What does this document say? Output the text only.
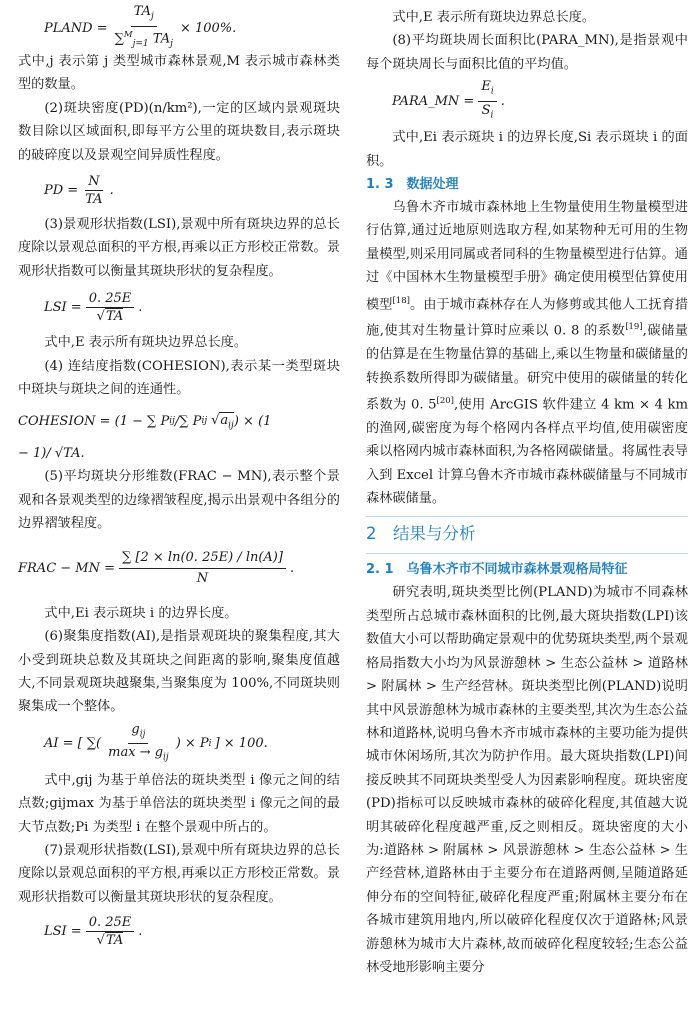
PLAND = $\frac{TA_j}{\sum^M_{j=1} TA_j} \times 100\%$.

式中,j 表示第 j 类型城市森林景观,M 表示城市森林类型的数量。

(2)斑块密度(PD)(n/km²),一定的区域内景观斑块数目除以区域面积,即每平方公里的斑块数目,表示斑块的破碎度以及景观空间异质性程度。

PD = $\frac{N}{TA}$ .

(3)景观形状指数(LSI),景观中所有斑块边界的总长度除以景观总面积的平方根,再乘以正方形校正常数。景观形状指数可以衡量其斑块形状的复杂程度。

LSI = $\frac{0. 25E}{√TA}$ .

式中,E 表示所有斑块边界总长度。

(4) 连结度指数(COHESION),表示某一类型斑块中斑块与斑块之间的连通性。

COHESION = (1 − ∑ P ij / ∑ P ij $√a_{ij}$ ) × (1
− 1)/ √TA.

(5)平均斑块分形维数(FRAC − MN),表示整个景观和各景观类型的边缘褶皱程度,揭示出景观中各组分的边界褶皱程度。

FRAC − MN = $\frac{\sum [2 \times \ln(0. 25E) / \ln(A)]}{N}$ .

式中,Ei 表示斑块 i 的边界长度。

(6)聚集度指数(AI),是指景观斑块的聚集程度,其大小受到斑块总数及其斑块之间距离的影响,聚集度值越大,不同景观斑块越聚集,当聚集度为 100%,不同斑块则聚集成一个整体。

AI = [ ∑( $\frac{g_{ij}}{\max \to g_{ij}}$ ) × P i ] × 100.

式中,gij 为基于单倍法的斑块类型 i 像元之间的结点数;gijmax 为基于单倍法的斑块类型 i 像元之间的最大节点数;Pi 为类型 i 在整个景观中所占的。

(7)景观形状指数(LSI),景观中所有斑块边界的总长度除以景观总面积的平方根,再乘以正方形校正常数。景观形状指数可以衡量其斑块形状的复杂程度。

LSI = $\frac{0. 25E}{√TA}$ .

式中,E 表示所有斑块边界总长度。

(8)平均斑块周长面积比(PARA_MN),是指景观中每个斑块周长与面积比值的平均值。

PARA_MN = $\frac{E_i}{S_i}$ .

式中,Ei 表示斑块 i 的边界长度,Si 表示斑块 i 的面积。

1. 3　数据处理

乌鲁木齐市城市森林地上生物量使用生物量模型进行估算,通过近地原则选取方程,如某物种无可用的生物量模型,则采用同属或者同科的生物量模型进行估算。通过《中国林木生物量模型手册》确定使用模型估算使用模型[18]。由于城市森林存在人为修剪或其他人工抚育措施,使其对生物量计算时应乘以 0. 8 的系数[19],碳储量的估算是在生物量估算的基础上,乘以生物量和碳储量的转换系数所得即为碳储量。研究中使用的碳储量的转化系数为 0. 5[20],使用 ArcGIS 软件建立 4 km × 4 km 的渔网,碳密度为每个格网内各样点平均值,使用碳密度乘以格网内城市森林面积,为各格网碳储量。将属性表导入到 Excel 计算乌鲁木齐市城市森林碳储量与不同城市森林碳储量。

2　结果与分析
2. 1　乌鲁木齐市不同城市森林景观格局特征

研究表明,斑块类型比例(PLAND)为城市不同森林类型所占总城市森林面积的比例,最大斑块指数(LPI)该数值大小可以帮助确定景观中的优势斑块类型,两个景观格局指数大小均为风景游憩林 > 生态公益林 > 道路林 > 附属林 > 生产经营林。斑块类型比例(PLAND)说明其中风景游憩林为城市森林的主要类型,其次为生态公益林和道路林,说明乌鲁木齐市城市森林的主要功能为提供城市休闲场所,其次为防护作用。最大斑块指数(LPI)间接反映其不同斑块类型受人为因素影响程度。斑块密度(PD)指标可以反映城市森林的破碎化程度,其值越大说明其破碎化程度越严重,反之则相反。斑块密度的大小为:道路林 > 附属林 > 风景游憩林 > 生态公益林 > 生产经营林,道路林由于主要分布在道路两侧,呈随道路延伸分布的空间特征,破碎化程度严重;附属林主要分布在各城市建筑用地内,所以破碎化程度仅次于道路林;风景游憩林为城市大片森林,故而破碎化程度较轻;生态公益林受地形影响主要分
